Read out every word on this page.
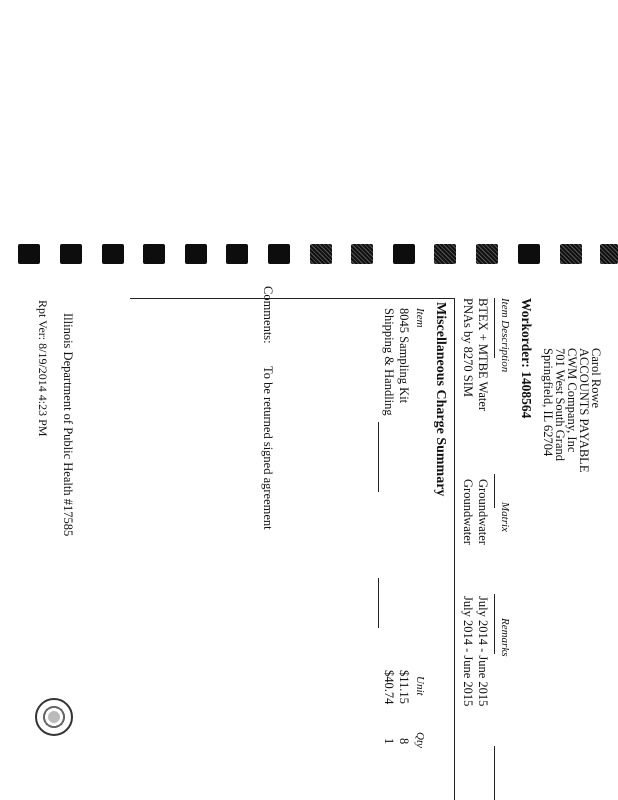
Carol Rowe
ACCOUNTS PAYABLE
CWM Company, Inc
701 West South Grand
Springfield, IL 62704
Workorder: 1408564
Item Description
Matrix
Remarks
BTEX + MTBE Water
Groundwater
July 2014 - June 2015
PNAs by 8270 SIM
Groundwater
July 2014 - June 2015
Miscellaneous Charge Summary
Item
Unit
Qty
8045 Sampling Kit
$11.15
8
Shipping & Handling
$40.74
1
Comments:
To be returned signed agreement
Illinois Department of Public Health #17585
Rpt Ver: 8/19/2014 4:23 PM
